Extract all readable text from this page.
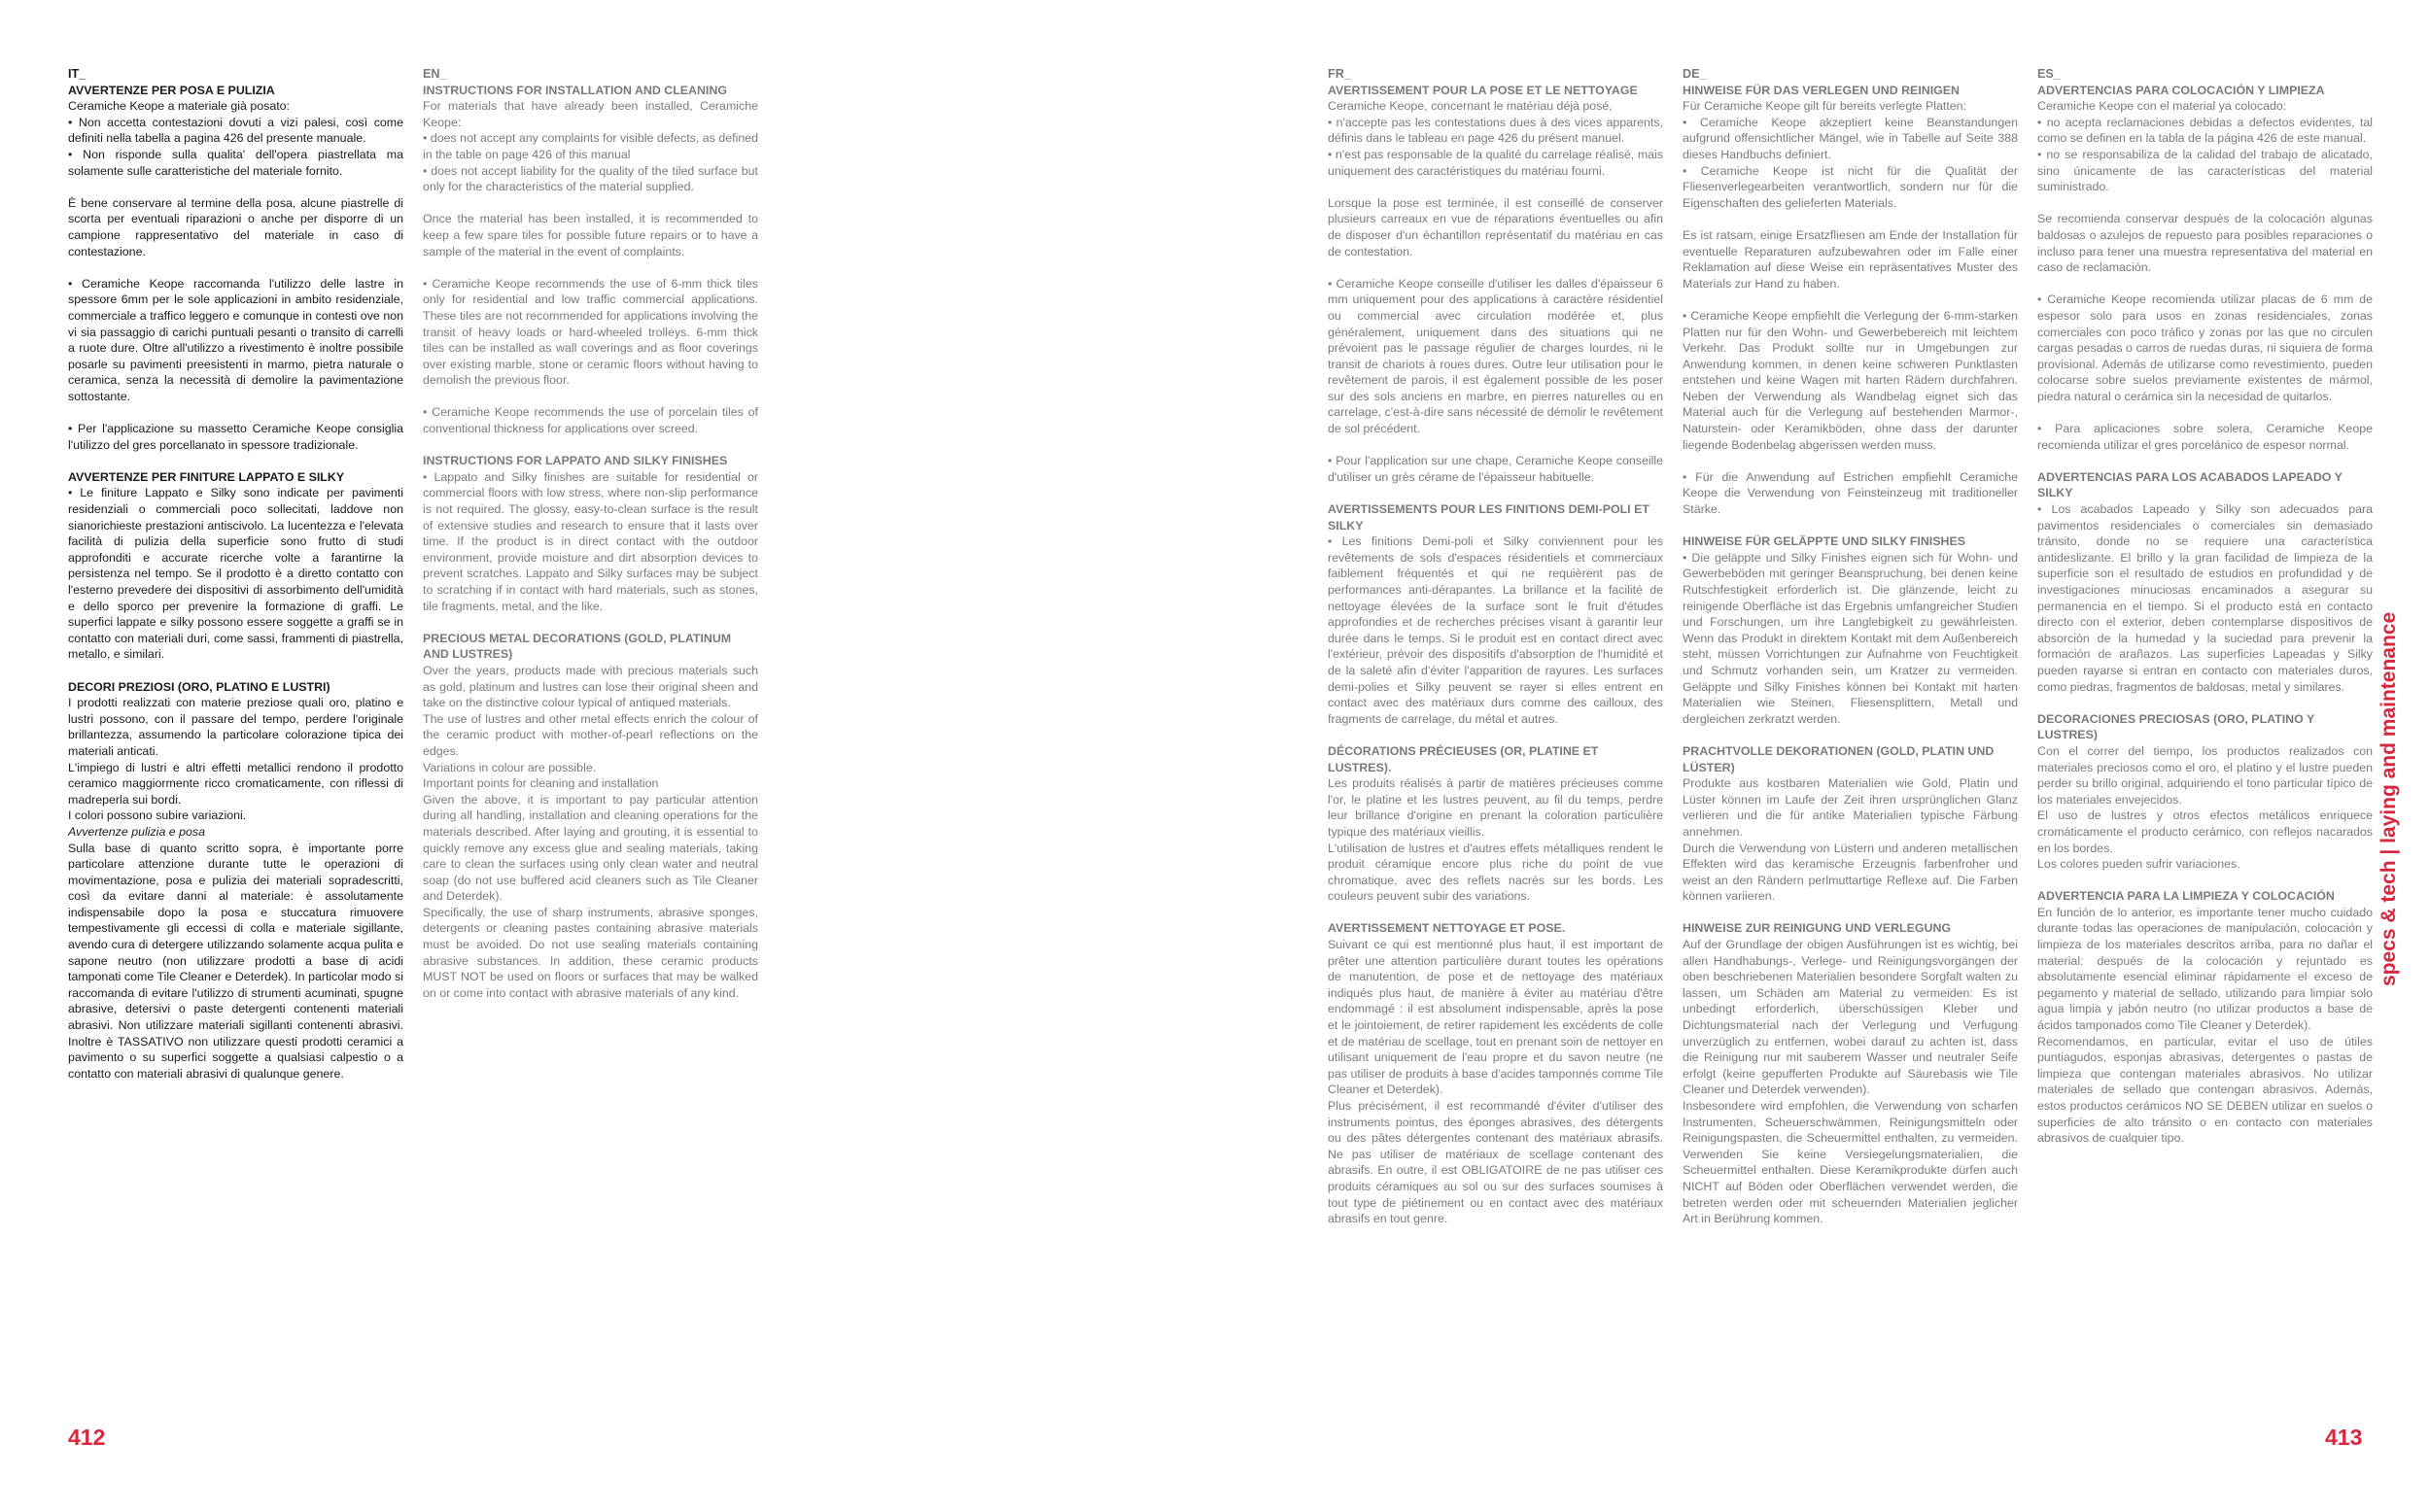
IT_

AVVERTENZE PER POSA E PULIZIA

Ceramiche Keope a materiale già posato:

• Non accetta contestazioni dovuti a vizi palesi, così come definiti nella tabella a pagina 426 del presente manuale.

• Non risponde sulla qualita' dell'opera piastrellata ma solamente sulle caratteristiche del materiale fornito.

È bene conservare al termine della posa, alcune piastrelle di scorta per eventuali riparazioni o anche per disporre di un campione rappresentativo del materiale in caso di contestazione.

• Ceramiche Keope raccomanda l'utilizzo delle lastre in spessore 6mm per le sole applicazioni in ambito residenziale, commerciale a traffico leggero e comunque in contesti ove non vi sia passaggio di carichi puntuali pesanti o transito di carrelli a ruote dure. Oltre all'utilizzo a rivestimento è inoltre possibile posarle su pavimenti preesistenti in marmo, pietra naturale o ceramica, senza la necessità di demolire la pavimentazione sottostante.

• Per l'applicazione su massetto Ceramiche Keope consiglia l'utilizzo del gres porcellanato in spessore tradizionale.

AVVERTENZE PER FINITURE LAPPATO E SILKY

• Le finiture Lappato e Silky sono indicate per pavimenti residenziali o commerciali poco sollecitati, laddove non sianorichieste prestazioni antiscivolo. La lucentezza e l'elevata facilità di pulizia della superficie sono frutto di studi approfonditi e accurate ricerche volte a farantirne la persistenza nel tempo. Se il prodotto è a diretto contatto con l'esterno prevedere dei dispositivi di assorbimento dell'umidità e dello sporco per prevenire la formazione di graffi. Le superfici lappate e silky possono essere soggette a graffi se in contatto con materiali duri, come sassi, frammenti di piastrella, metallo, e similari.

DECORI PREZIOSI (ORO, PLATINO E LUSTRI)

I prodotti realizzati con materie preziose quali oro, platino e lustri possono, con il passare del tempo, perdere l'originale brillantezza, assumendo la particolare colorazione tipica dei materiali anticati.

L'impiego di lustri e altri effetti metallici rendono il prodotto ceramico maggiormente ricco cromaticamente, con riflessi di madreperla sui bordi.

I colori possono subire variazioni.

Avvertenze pulizia e posa

Sulla base di quanto scritto sopra, è importante porre particolare attenzione durante tutte le operazioni di movimentazione, posa e pulizia dei materiali sopradescritti, così da evitare danni al materiale: è assolutamente indispensabile dopo la posa e stuccatura rimuovere tempestivamente gli eccessi di colla e materiale sigillante, avendo cura di detergere utilizzando solamente acqua pulita e sapone neutro (non utilizzare prodotti a base di acidi tamponati come Tile Cleaner e Deterdek). In particolar modo si raccomanda di evitare l'utilizzo di strumenti acuminati, spugne abrasive, detersivi o paste detergenti contenenti materiali abrasivi. Non utilizzare materiali sigillanti contenenti abrasivi. Inoltre è TASSATIVO non utilizzare questi prodotti ceramici a pavimento o su superfici soggette a qualsiasi calpestio o a contatto con materiali abrasivi di qualunque genere.

EN_

INSTRUCTIONS FOR INSTALLATION AND CLEANING

For materials that have already been installed, Ceramiche Keope:

• does not accept any complaints for visible defects, as defined in the table on page 426 of this manual

• does not accept liability for the quality of the tiled surface but only for the characteristics of the material supplied.

Once the material has been installed, it is recommended to keep a few spare tiles for possible future repairs or to have a sample of the material in the event of complaints.

• Ceramiche Keope recommends the use of 6-mm thick tiles only for residential and low traffic commercial applications. These tiles are not recommended for applications involving the transit of heavy loads or hard-wheeled trolleys. 6-mm thick tiles can be installed as wall coverings and as floor coverings over existing marble, stone or ceramic floors without having to demolish the previous floor.

• Ceramiche Keope recommends the use of porcelain tiles of conventional thickness for applications over screed.

INSTRUCTIONS FOR LAPPATO AND SILKY FINISHES

• Lappato and Silky finishes are suitable for residential or commercial floors with low stress, where non-slip performance is not required. The glossy, easy-to-clean surface is the result of extensive studies and research to ensure that it lasts over time. If the product is in direct contact with the outdoor environment, provide moisture and dirt absorption devices to prevent scratches. Lappato and Silky surfaces may be subject to scratching if in contact with hard materials, such as stones, tile fragments, metal, and the like.

PRECIOUS METAL DECORATIONS (GOLD, PLATINUM AND LUSTRES)

Over the years, products made with precious materials such as gold, platinum and lustres can lose their original sheen and take on the distinctive colour typical of antiqued materials.

The use of lustres and other metal effects enrich the colour of the ceramic product with mother-of-pearl reflections on the edges.

Variations in colour are possible.

Important points for cleaning and installation

Given the above, it is important to pay particular attention during all handling, installation and cleaning operations for the materials described. After laying and grouting, it is essential to quickly remove any excess glue and sealing materials, taking care to clean the surfaces using only clean water and neutral soap (do not use buffered acid cleaners such as Tile Cleaner and Deterdek).

Specifically, the use of sharp instruments, abrasive sponges, detergents or cleaning pastes containing abrasive materials must be avoided. Do not use sealing materials containing abrasive substances. In addition, these ceramic products MUST NOT be used on floors or surfaces that may be walked on or come into contact with abrasive materials of any kind.

412

FR_

AVERTISSEMENT POUR LA POSE ET LE NETTOYAGE

Ceramiche Keope, concernant le matériau déjà posé,

• n'accepte pas les contestations dues à des vices apparents, définis dans le tableau en page 426 du présent manuel.

• n'est pas responsable de la qualité du carrelage réalisé, mais uniquement des caractéristiques du matériau fourni.

Lorsque la pose est terminée, il est conseillé de conserver plusieurs carreaux en vue de réparations éventuelles ou afin de disposer d'un échantillon représentatif du matériau en cas de contestation.

• Ceramiche Keope conseille d'utiliser les dalles d'épaisseur 6 mm uniquement pour des applications à caractère résidentiel ou commercial avec circulation modérée et, plus généralement, uniquement dans des situations qui ne prévoient pas le passage régulier de charges lourdes, ni le transit de chariots à roues dures. Outre leur utilisation pour le revêtement de parois, il est également possible de les poser sur des sols anciens en marbre, en pierres naturelles ou en carrelage, c'est-à-dire sans nécessité de démolir le revêtement de sol précédent.

• Pour l'application sur une chape, Ceramiche Keope conseille d'utiliser un grès cérame de l'épaisseur habituelle.

AVERTISSEMENTS POUR LES FINITIONS DEMI-POLI ET SILKY

• Les finitions Demi-poli et Silky conviennent pour les revêtements de sols d'espaces résidentiels et commerciaux faiblement fréquentés et qui ne requièrent pas de performances anti-dérapantes. La brillance et la facilité de nettoyage élevées de la surface sont le fruit d'études approfondies et de recherches précises visant à garantir leur durée dans le temps. Si le produit est en contact direct avec l'extérieur, prévoir des dispositifs d'absorption de l'humidité et de la saleté afin d'éviter l'apparition de rayures. Les surfaces demi-polies et Silky peuvent se rayer si elles entrent en contact avec des matériaux durs comme des cailloux, des fragments de carrelage, du métal et autres.

DÉCORATIONS PRÉCIEUSES (OR, PLATINE ET LUSTRES).

Les produits réalisés à partir de matières précieuses comme l'or, le platine et les lustres peuvent, au fil du temps, perdre leur brillance d'origine en prenant la coloration particulière typique des matériaux vieillis.

L'utilisation de lustres et d'autres effets métalliques rendent le produit céramique encore plus riche du point de vue chromatique, avec des reflets nacrés sur les bords. Les couleurs peuvent subir des variations.

AVERTISSEMENT NETTOYAGE ET POSE.

Suivant ce qui est mentionné plus haut, il est important de prêter une attention particulière durant toutes les opérations de manutention, de pose et de nettoyage des matériaux indiqués plus haut, de manière à éviter au matériau d'être endommagé : il est absolument indispensable, après la pose et le jointoiement, de retirer rapidement les excédents de colle et de matériau de scellage, tout en prenant soin de nettoyer en utilisant uniquement de l'eau propre et du savon neutre (ne pas utiliser de produits à base d'acides tamponnés comme Tile Cleaner et Deterdek).

Plus précisément, il est recommandé d'éviter d'utiliser des instruments pointus, des éponges abrasives, des détergents ou des pâtes détergentes contenant des matériaux abrasifs. Ne pas utiliser de matériaux de scellage contenant des abrasifs. En outre, il est OBLIGATOIRE de ne pas utiliser ces produits céramiques au sol ou sur des surfaces soumises à tout type de piétinement ou en contact avec des matériaux abrasifs en tout genre.

DE_

HINWEISE FÜR DAS VERLEGEN UND REINIGEN

Für Ceramiche Keope gilt für bereits verlegte Platten:

• Ceramiche Keope akzeptiert keine Beanstandungen aufgrund offensichtlicher Mängel, wie in Tabelle auf Seite 388 dieses Handbuchs definiert.

• Ceramiche Keope ist nicht für die Qualität der Fliesenverlegearbeiten verantwortlich, sondern nur für die Eigenschaften des gelieferten Materials.

Es ist ratsam, einige Ersatzfliesen am Ende der Installation für eventuelle Reparaturen aufzubewahren oder im Falle einer Reklamation auf diese Weise ein repräsentatives Muster des Materials zur Hand zu haben.

• Ceramiche Keope empfiehlt die Verlegung der 6-mm-starken Platten nur für den Wohn- und Gewerbebereich mit leichtem Verkehr. Das Produkt sollte nur in Umgebungen zur Anwendung kommen, in denen keine schweren Punktlasten entstehen und keine Wagen mit harten Rädern durchfahren. Neben der Verwendung als Wandbelag eignet sich das Material auch für die Verlegung auf bestehenden Marmor-, Naturstein- oder Keramikböden, ohne dass der darunter liegende Bodenbelag abgerissen werden muss.

• Für die Anwendung auf Estrichen empfiehlt Ceramiche Keope die Verwendung von Feinsteinzeug mit traditioneller Stärke.

HINWEISE FÜR GELÄPPTE UND SILKY FINISHES

• Die geläppte und Silky Finishes eignen sich für Wohn- und Gewerbeböden mit geringer Beanspruchung, bei denen keine Rutschfestigkeit erforderlich ist. Die glänzende, leicht zu reinigende Oberfläche ist das Ergebnis umfangreicher Studien und Forschungen, um ihre Langlebigkeit zu gewährleisten. Wenn das Produkt in direktem Kontakt mit dem Außenbereich steht, müssen Vorrichtungen zur Aufnahme von Feuchtigkeit und Schmutz vorhanden sein, um Kratzer zu vermeiden. Geläppte und Silky Finishes können bei Kontakt mit harten Materialien wie Steinen, Fliesensplittern, Metall und dergleichen zerkratzt werden.

PRACHTVOLLE DEKORATIONEN (GOLD, PLATIN UND LÜSTER)

Produkte aus kostbaren Materialien wie Gold, Platin und Lüster können im Laufe der Zeit ihren ursprünglichen Glanz verlieren und die für antike Materialien typische Färbung annehmen.

Durch die Verwendung von Lüstern und anderen metallischen Effekten wird das keramische Erzeugnis farbenfroher und weist an den Rändern perlmuttartige Reflexe auf. Die Farben können variieren.

HINWEISE ZUR REINIGUNG UND VERLEGUNG

Auf der Grundlage der obigen Ausführungen ist es wichtig, bei allen Handhabungs-, Verlege- und Reinigungsvorgängen der oben beschriebenen Materialien besondere Sorgfalt walten zu lassen, um Schäden am Material zu vermeiden: Es ist unbedingt erforderlich, überschüssigen Kleber und Dichtungsmaterial nach der Verlegung und Verfugung unverzüglich zu entfernen, wobei darauf zu achten ist, dass die Reinigung nur mit sauberem Wasser und neutraler Seife erfolgt (keine gepufferten Produkte auf Säurebasis wie Tile Cleaner und Deterdek verwenden).

Insbesondere wird empfohlen, die Verwendung von scharfen Instrumenten, Scheuerschwämmen, Reinigungsmitteln oder Reinigungspasten, die Scheuermittel enthalten, zu vermeiden. Verwenden Sie keine Versiegelungsmaterialien, die Scheuermittel enthalten. Diese Keramikprodukte dürfen auch NICHT auf Böden oder Oberflächen verwendet werden, die betreten werden oder mit scheuernden Materialien jeglicher Art in Berührung kommen.

ES_

ADVERTENCIAS PARA COLOCACIÓN Y LIMPIEZA

Ceramiche Keope con el material ya colocado:

• no acepta reclamaciones debidas a defectos evidentes, tal como se definen en la tabla de la página 426 de este manual.

• no se responsabiliza de la calidad del trabajo de alicatado, sino únicamente de las características del material suministrado.

Se recomienda conservar después de la colocación algunas baldosas o azulejos de repuesto para posibles reparaciones o incluso para tener una muestra representativa del material en caso de reclamación.

• Ceramiche Keope recomienda utilizar placas de 6 mm de espesor solo para usos en zonas residenciales, zonas comerciales con poco tráfico y zonas por las que no circulen cargas pesadas o carros de ruedas duras, ni siquiera de forma provisional. Además de utilizarse como revestimiento, pueden colocarse sobre suelos previamente existentes de mármol, piedra natural o cerámica sin la necesidad de quitarlos.

• Para aplicaciones sobre solera, Ceramiche Keope recomienda utilizar el gres porcelánico de espesor normal.

ADVERTENCIAS PARA LOS ACABADOS LAPEADO Y SILKY

• Los acabados Lapeado y Silky son adecuados para pavimentos residenciales o comerciales sin demasiado tránsito, donde no se requiere una característica antideslizante. El brillo y la gran facilidad de limpieza de la superficie son el resultado de estudios en profundidad y de investigaciones minuciosas encaminados a asegurar su permanencia en el tiempo. Si el producto está en contacto directo con el exterior, deben contemplarse dispositivos de absorción de la humedad y la suciedad para prevenir la formación de arañazos. Las superficies Lapeadas y Silky pueden rayarse si entran en contacto con materiales duros, como piedras, fragmentos de baldosas, metal y similares.

DECORACIONES PRECIOSAS (ORO, PLATINO Y LUSTRES)

Con el correr del tiempo, los productos realizados con materiales preciosos como el oro, el platino y el lustre pueden perder su brillo original, adquiriendo el tono particular típico de los materiales envejecidos.

El uso de lustres y otros efectos metálicos enriquece cromáticamente el producto cerámico, con reflejos nacarados en los bordes.

Los colores pueden sufrir variaciones.

ADVERTENCIA PARA LA LIMPIEZA Y COLOCACIÓN

En función de lo anterior, es importante tener mucho cuidado durante todas las operaciones de manipulación, colocación y limpieza de los materiales descritos arriba, para no dañar el material: después de la colocación y rejuntado es absolutamente esencial eliminar rápidamente el exceso de pegamento y material de sellado, utilizando para limpiar solo agua limpia y jabón neutro (no utilizar productos a base de ácidos tamponados como Tile Cleaner y Deterdek).

Recomendamos, en particular, evitar el uso de útiles puntiagudos, esponjas abrasivas, detergentes o pastas de limpieza que contengan materiales abrasivos. No utilizar materiales de sellado que contengan abrasivos. Además, estos productos cerámicos NO SE DEBEN utilizar en suelos o superficies de alto tránsito o en contacto con materiales abrasivos de cualquier tipo.

specs & tech | laying and maintenance
413
